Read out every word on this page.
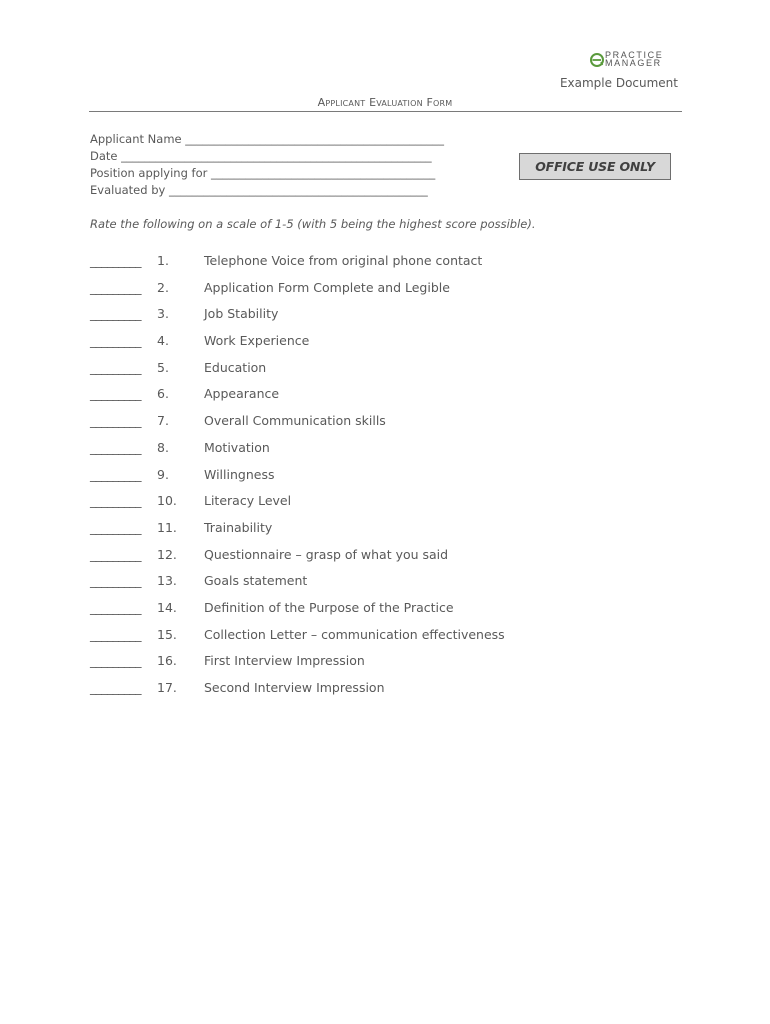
PRACTICE
MANAGER
Example Document
Applicant Evaluation Form
Applicant Name _____________________________________________
Date ______________________________________________________
Position applying for _______________________________________
Evaluated by _____________________________________________
OFFICE USE ONLY
Rate the following on a scale of 1-5 (with 5 being the highest score possible).
_________ 1.	Telephone Voice from original phone contact
_________ 2.	Application Form Complete and Legible
_________ 3.	Job Stability
_________ 4.	Work Experience
_________ 5.	Education
_________ 6.	Appearance
_________ 7.	Overall Communication skills
_________ 8.	Motivation
_________ 9.	Willingness
_________ 10. Literacy Level
_________ 11. Trainability
_________ 12. Questionnaire – grasp of what you said
_________ 13. Goals statement
_________ 14. Definition of the Purpose of the Practice
_________ 15. Collection Letter – communication effectiveness
_________ 16. First Interview Impression
_________ 17. Second Interview Impression
